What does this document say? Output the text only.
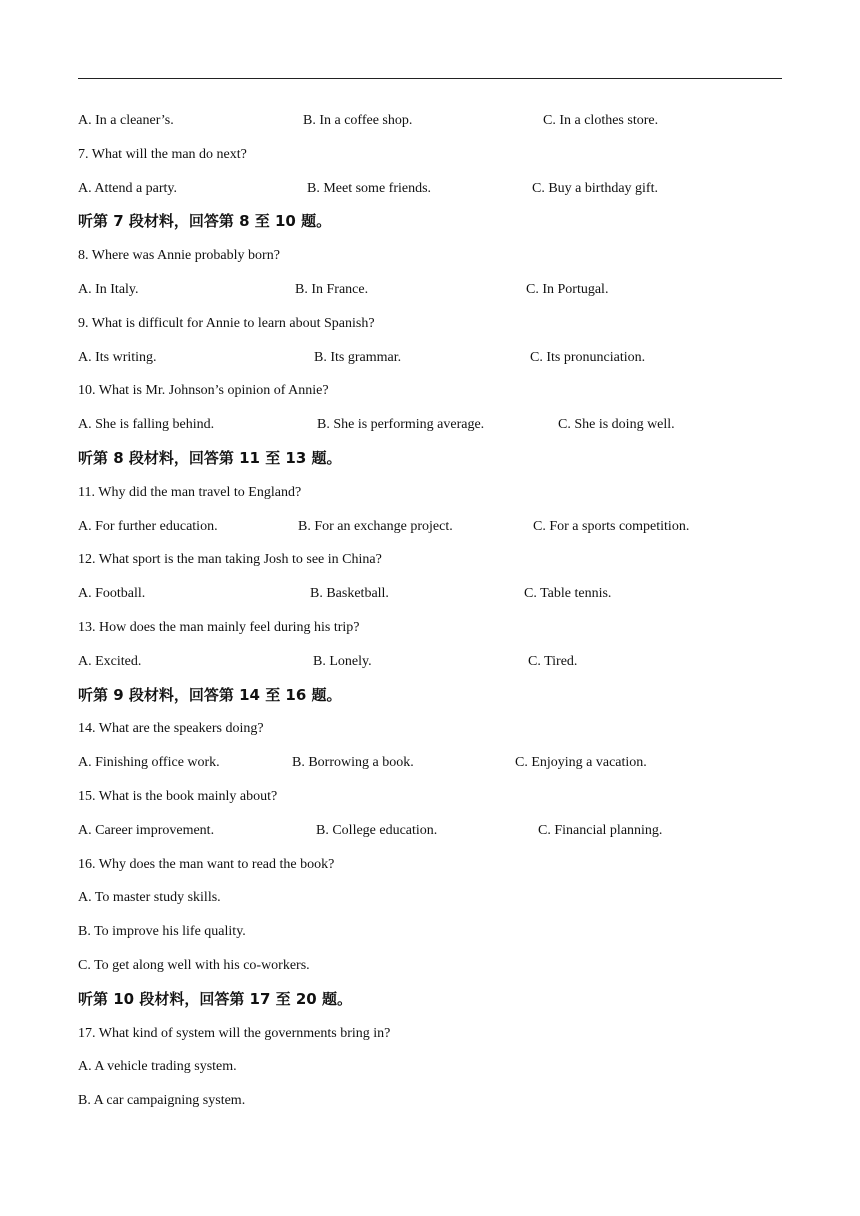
A. In a cleaner’s.	B. In a coffee shop.	C. In a clothes store.
7. What will the man do next?
A. Attend a party.	B. Meet some friends.	C. Buy a birthday gift.
听第 7 段材料，回答第 8 至 10 题。
8. Where was Annie probably born?
A. In Italy.	B. In France.	C. In Portugal.
9. What is difficult for Annie to learn about Spanish?
A. Its writing.	B. Its grammar.	C. Its pronunciation.
10. What is Mr. Johnson’s opinion of Annie?
A. She is falling behind.	B. She is performing average.	C. She is doing well.
听第 8 段材料，回答第 11 至 13 题。
11. Why did the man travel to England?
A. For further education.	B. For an exchange project.	C. For a sports competition.
12. What sport is the man taking Josh to see in China?
A. Football.	B. Basketball.	C. Table tennis.
13. How does the man mainly feel during his trip?
A. Excited.	B. Lonely.	C. Tired.
听第 9 段材料，回答第 14 至 16 题。
14. What are the speakers doing?
A. Finishing office work.	B. Borrowing a book.	C. Enjoying a vacation.
15. What is the book mainly about?
A. Career improvement.	B. College education.	C. Financial planning.
16. Why does the man want to read the book?
A. To master study skills.
B. To improve his life quality.
C. To get along well with his co-workers.
听第 10 段材料，回答第 17 至 20 题。
17. What kind of system will the governments bring in?
A. A vehicle trading system.
B. A car campaigning system.
